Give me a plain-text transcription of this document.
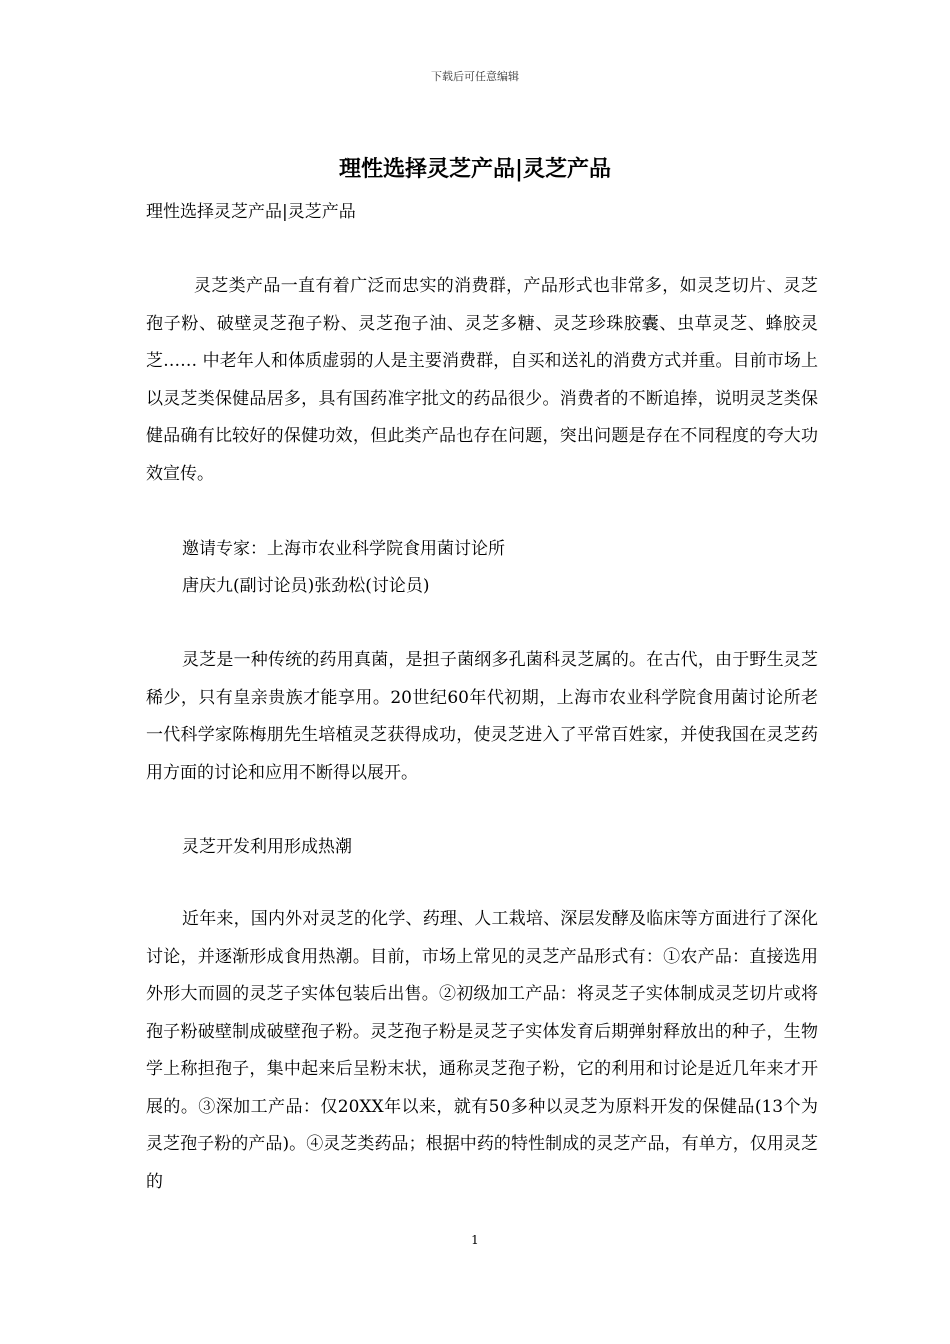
下载后可任意编辑
理性选择灵芝产品|灵芝产品
理性选择灵芝产品|灵芝产品

灵芝类产品一直有着广泛而忠实的消费群，产品形式也非常多，如灵芝切片、灵芝孢子粉、破壁灵芝孢子粉、灵芝孢子油、灵芝多糖、灵芝珍珠胶囊、虫草灵芝、蜂胶灵芝…… 中老年人和体质虚弱的人是主要消费群，自买和送礼的消费方式并重。目前市场上以灵芝类保健品居多，具有国药准字批文的药品很少。消费者的不断追捧，说明灵芝类保健品确有比较好的保健功效，但此类产品也存在问题，突出问题是存在不同程度的夸大功效宣传。

邀请专家：上海市农业科学院食用菌讨论所
唐庆九(副讨论员)张劲松(讨论员)

灵芝是一种传统的药用真菌，是担子菌纲多孔菌科灵芝属的。在古代，由于野生灵芝稀少，只有皇亲贵族才能享用。20世纪60年代初期，上海市农业科学院食用菌讨论所老一代科学家陈梅朋先生培植灵芝获得成功，使灵芝进入了平常百姓家，并使我国在灵芝药用方面的讨论和应用不断得以展开。

灵芝开发利用形成热潮

近年来，国内外对灵芝的化学、药理、人工栽培、深层发酵及临床等方面进行了深化讨论，并逐渐形成食用热潮。目前，市场上常见的灵芝产品形式有：①农产品：直接选用外形大而圆的灵芝子实体包装后出售。②初级加工产品：将灵芝子实体制成灵芝切片或将孢子粉破壁制成破壁孢子粉。灵芝孢子粉是灵芝子实体发育后期弹射释放出的种子，生物学上称担孢子，集中起来后呈粉末状，通称灵芝孢子粉，它的利用和讨论是近几年来才开展的。③深加工产品：仅20XX年以来，就有50多种以灵芝为原料开发的保健品(13个为灵芝孢子粉的产品)。④灵芝类药品；根据中药的特性制成的灵芝产品，有单方，仅用灵芝的

1
